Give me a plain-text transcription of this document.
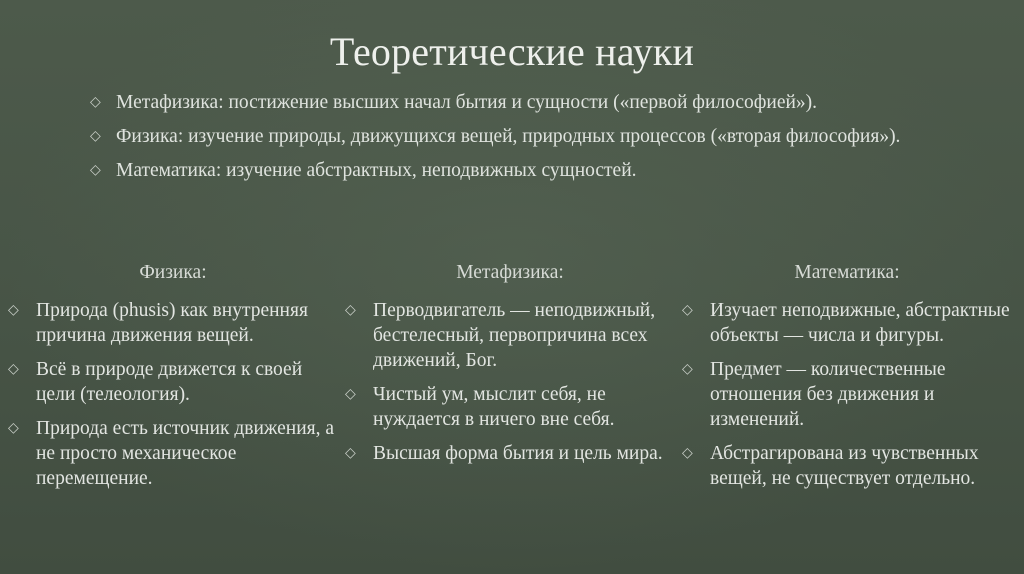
Теоретические науки
◇ Метафизика: постижение высших начал бытия и сущности («первой философией»).
◇ Физика: изучение природы, движущихся вещей, природных процессов («вторая философия»).
◇ Математика: изучение абстрактных, неподвижных сущностей.
Физика:
◇ Природа (phusis) как внутренняя причина движения вещей.
◇ Всё в природе движется к своей цели (телеология).
◇ Природа есть источник движения, а не просто механическое перемещение.
Метафизика:
◇ Перводвигатель — неподвижный, бестелесный, первопричина всех движений, Бог.
◇ Чистый ум, мыслит себя, не нуждается в ничего вне себя.
◇ Высшая форма бытия и цель мира.
Математика:
◇ Изучает неподвижные, абстрактные объекты — числа и фигуры.
◇ Предмет — количественные отношения без движения и изменений.
◇ Абстрагирована из чувственных вещей, не существует отдельно.
